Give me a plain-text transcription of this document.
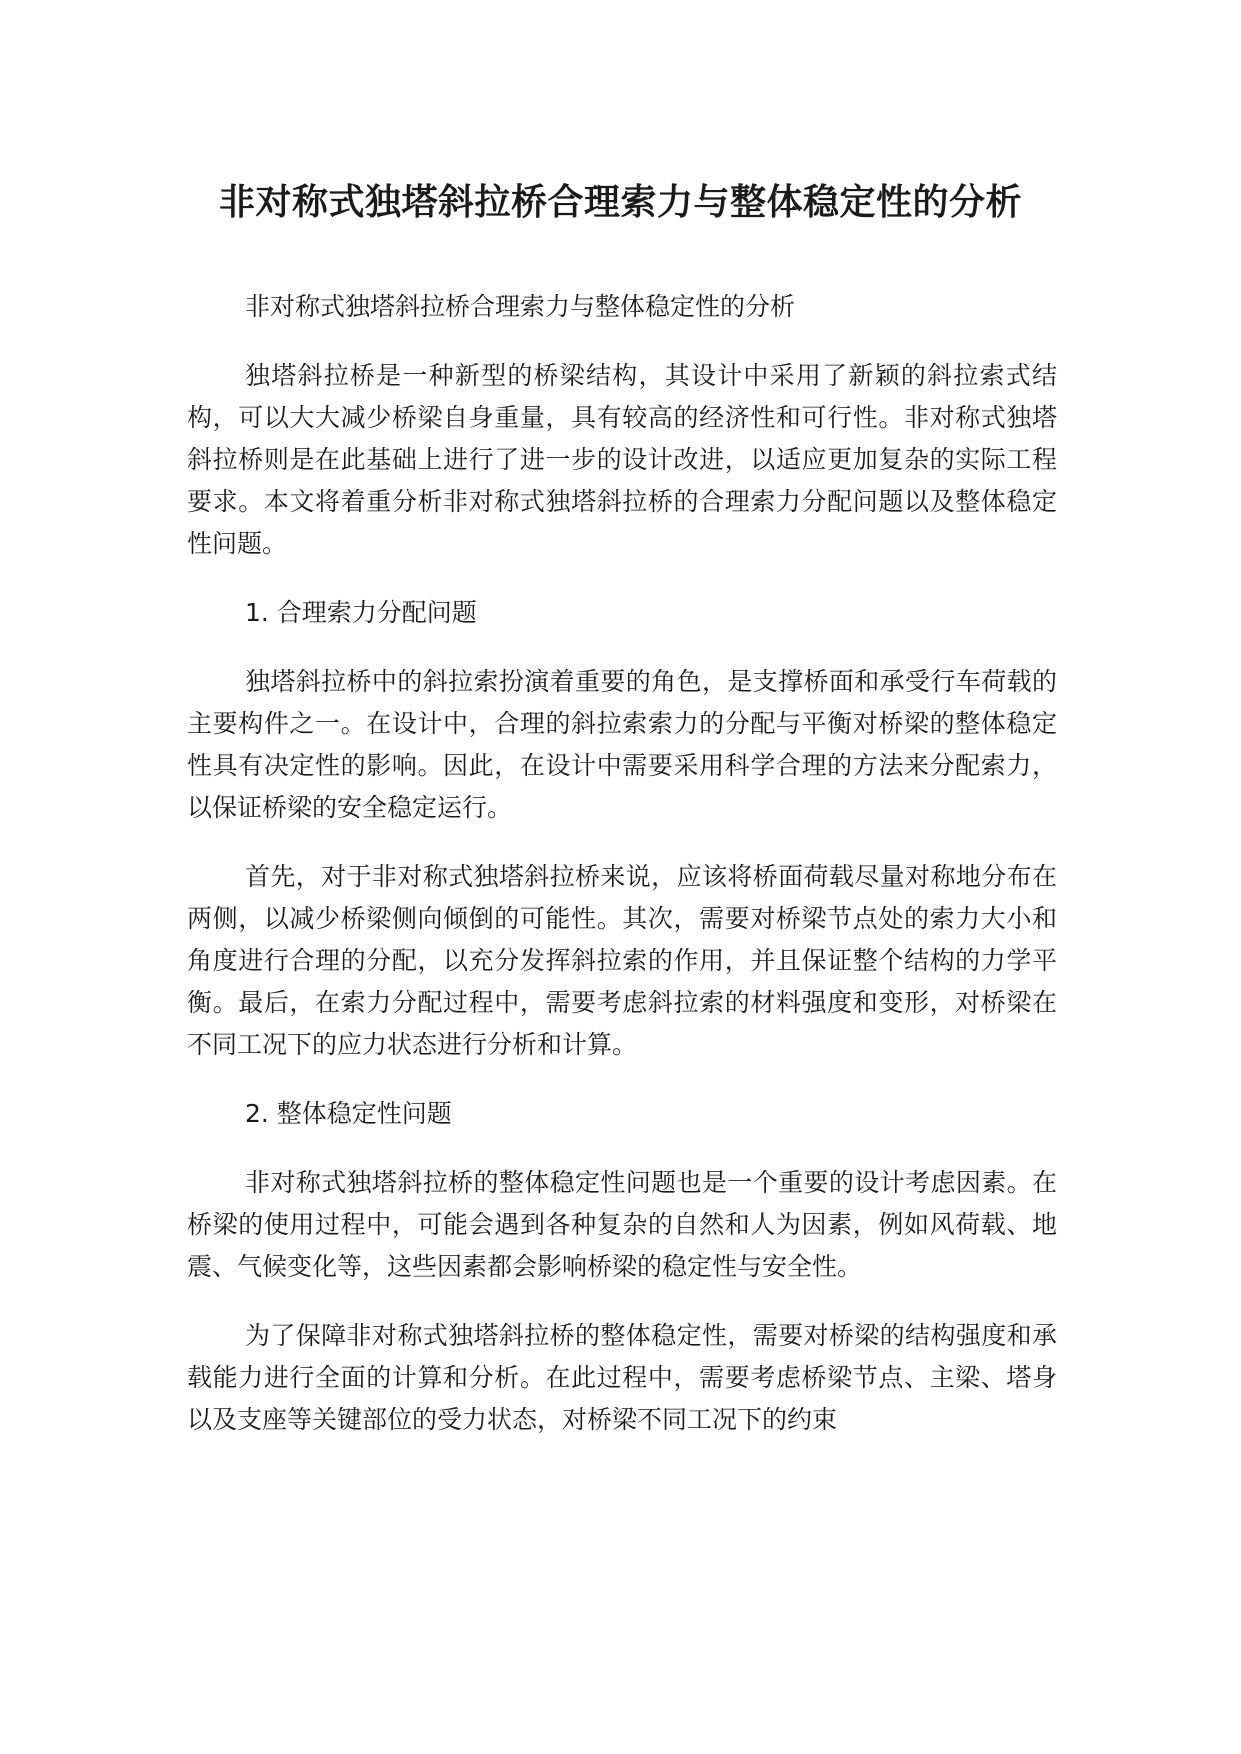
非对称式独塔斜拉桥合理索力与整体稳定性的分析

非对称式独塔斜拉桥合理索力与整体稳定性的分析

独塔斜拉桥是一种新型的桥梁结构，其设计中采用了新颖的斜拉索式结构，可以大大减少桥梁自身重量，具有较高的经济性和可行性。非对称式独塔斜拉桥则是在此基础上进行了进一步的设计改进，以适应更加复杂的实际工程要求。本文将着重分析非对称式独塔斜拉桥的合理索力分配问题以及整体稳定性问题。

1. 合理索力分配问题

独塔斜拉桥中的斜拉索扮演着重要的角色，是支撑桥面和承受行车荷载的主要构件之一。在设计中，合理的斜拉索索力的分配与平衡对桥梁的整体稳定性具有决定性的影响。因此，在设计中需要采用科学合理的方法来分配索力，以保证桥梁的安全稳定运行。

首先，对于非对称式独塔斜拉桥来说，应该将桥面荷载尽量对称地分布在两侧，以减少桥梁侧向倾倒的可能性。其次，需要对桥梁节点处的索力大小和角度进行合理的分配，以充分发挥斜拉索的作用，并且保证整个结构的力学平衡。最后，在索力分配过程中，需要考虑斜拉索的材料强度和变形，对桥梁在不同工况下的应力状态进行分析和计算。

2. 整体稳定性问题

非对称式独塔斜拉桥的整体稳定性问题也是一个重要的设计考虑因素。在桥梁的使用过程中，可能会遇到各种复杂的自然和人为因素，例如风荷载、地震、气候变化等，这些因素都会影响桥梁的稳定性与安全性。

为了保障非对称式独塔斜拉桥的整体稳定性，需要对桥梁的结构强度和承载能力进行全面的计算和分析。在此过程中，需要考虑桥梁节点、主梁、塔身以及支座等关键部位的受力状态，对桥梁不同工况下的约束
